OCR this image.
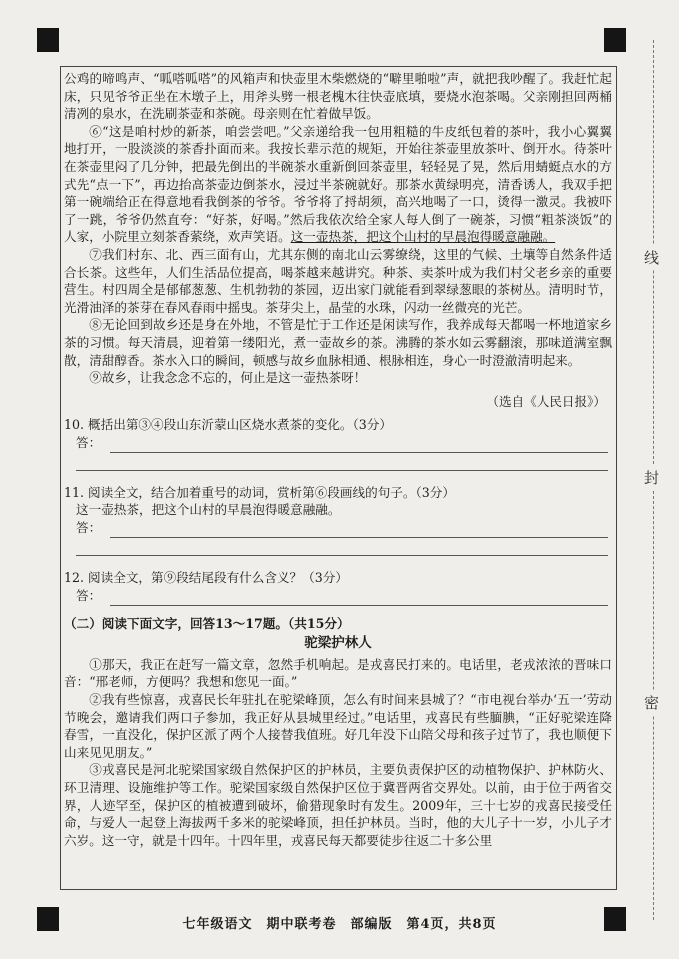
线
封
密

公鸡的啼鸣声、“呱嗒呱嗒”的风箱声和快壶里木柴燃烧的“噼里啪啦”声，就把我吵醒了。我赶忙起床，只见爷爷正坐在木墩子上，用斧头劈一根老槐木往快壶底填，要烧水泡茶喝。父亲刚担回两桶清冽的泉水，在洗刷茶壶和茶碗。母亲则在忙着做早饭。

⑥“这是咱村炒的新茶，咱尝尝吧。”父亲递给我一包用粗糙的牛皮纸包着的茶叶，我小心翼翼地打开，一股淡淡的茶香扑面而来。我按长辈示范的规矩，开始往茶壶里放茶叶、倒开水。待茶叶在茶壶里闷了几分钟，把最先倒出的半碗茶水重新倒回茶壶里，轻轻晃了晃，然后用蜻蜓点水的方式先“点一下”，再边抬高茶壶边倒茶水，浸过半茶碗就好。那茶水黄绿明亮，清香诱人，我双手把第一碗端给正在得意地看我倒茶的爷爷。爷爷将了捋胡须，高兴地喝了一口，烫得一激灵。我被吓了一跳，爷爷仍然直夸：“好茶，好喝。”然后我依次给全家人每人倒了一碗茶，习惯“粗茶淡饭”的人家，小院里立刻茶香萦绕，欢声笑语。这一壶热茶，把这个山村的早晨泡得暖意融融。

⑦我们村东、北、西三面有山，尤其东侧的南北山云雾缭绕，这里的气候、土壤等自然条件适合长茶。这些年，人们生活品位提高，喝茶越来越讲究。种茶、卖茶叶成为我们村父老乡亲的重要营生。村四周全是郁郁葱葱、生机勃勃的茶园，迈出家门就能看到翠绿葱眼的茶树丛。清明时节，光滑油泽的茶芽在春风春雨中摇曳。茶芽尖上，晶莹的水珠，闪动一丝微亮的光芒。

⑧无论回到故乡还是身在外地，不管是忙于工作还是闲读写作，我养成每天都喝一杯地道家乡茶的习惯。每天清晨，迎着第一缕阳光，煮一壶故乡的茶。沸腾的茶水如云雾翻滚，那味道满室飘散，清甜醇香。茶水入口的瞬间，顿感与故乡血脉相通、根脉相连，身心一时澄澈清明起来。

⑨故乡，让我念念不忘的，何止是这一壶热茶呀！

（选自《人民日报》）
10. 概括出第③④段山东沂蒙山区烧水煮茶的变化。（3分）
答：
11. 阅读全文，结合加着重号的动词，赏析第⑥段画线的句子。（3分）
这一壶热茶，把这个山村的早晨泡得暖意融融。
答：
12. 阅读全文，第⑨段结尾段有什么含义？（3分）
答：
（二）阅读下面文字，回答13～17题。（共15分）
驼梁护林人

①那天，我正在赶写一篇文章，忽然手机响起。是戎喜民打来的。电话里，老戎浓浓的晋味口音：“邢老师，方便吗？我想和您见一面。”

②我有些惊喜，戎喜民长年驻扎在驼梁峰顶，怎么有时间来县城了？“市电视台举办‘五一’劳动节晚会，邀请我们两口子参加，我正好从县城里经过。”电话里，戎喜民有些腼腆，“正好驼梁连降春雪，一直没化，保护区派了两个人接替我值班。好几年没下山陪父母和孩子过节了，我也顺便下山来见见朋友。”

③戎喜民是河北驼梁国家级自然保护区的护林员，主要负责保护区的动植物保护、护林防火、环卫清理、设施维护等工作。驼梁国家级自然保护区位于冀晋两省交界处。以前，由于位于两省交界，人迹罕至，保护区的植被遭到破坏，偷猎现象时有发生。2009年，三十七岁的戎喜民接受任命，与爱人一起登上海拔两千多米的驼梁峰顶，担任护林员。当时，他的大儿子十一岁，小儿子才六岁。这一守，就是十四年。十四年里，戎喜民每天都要徒步往返二十多公里

七年级语文　期中联考卷　部编版　第4页，共8页
